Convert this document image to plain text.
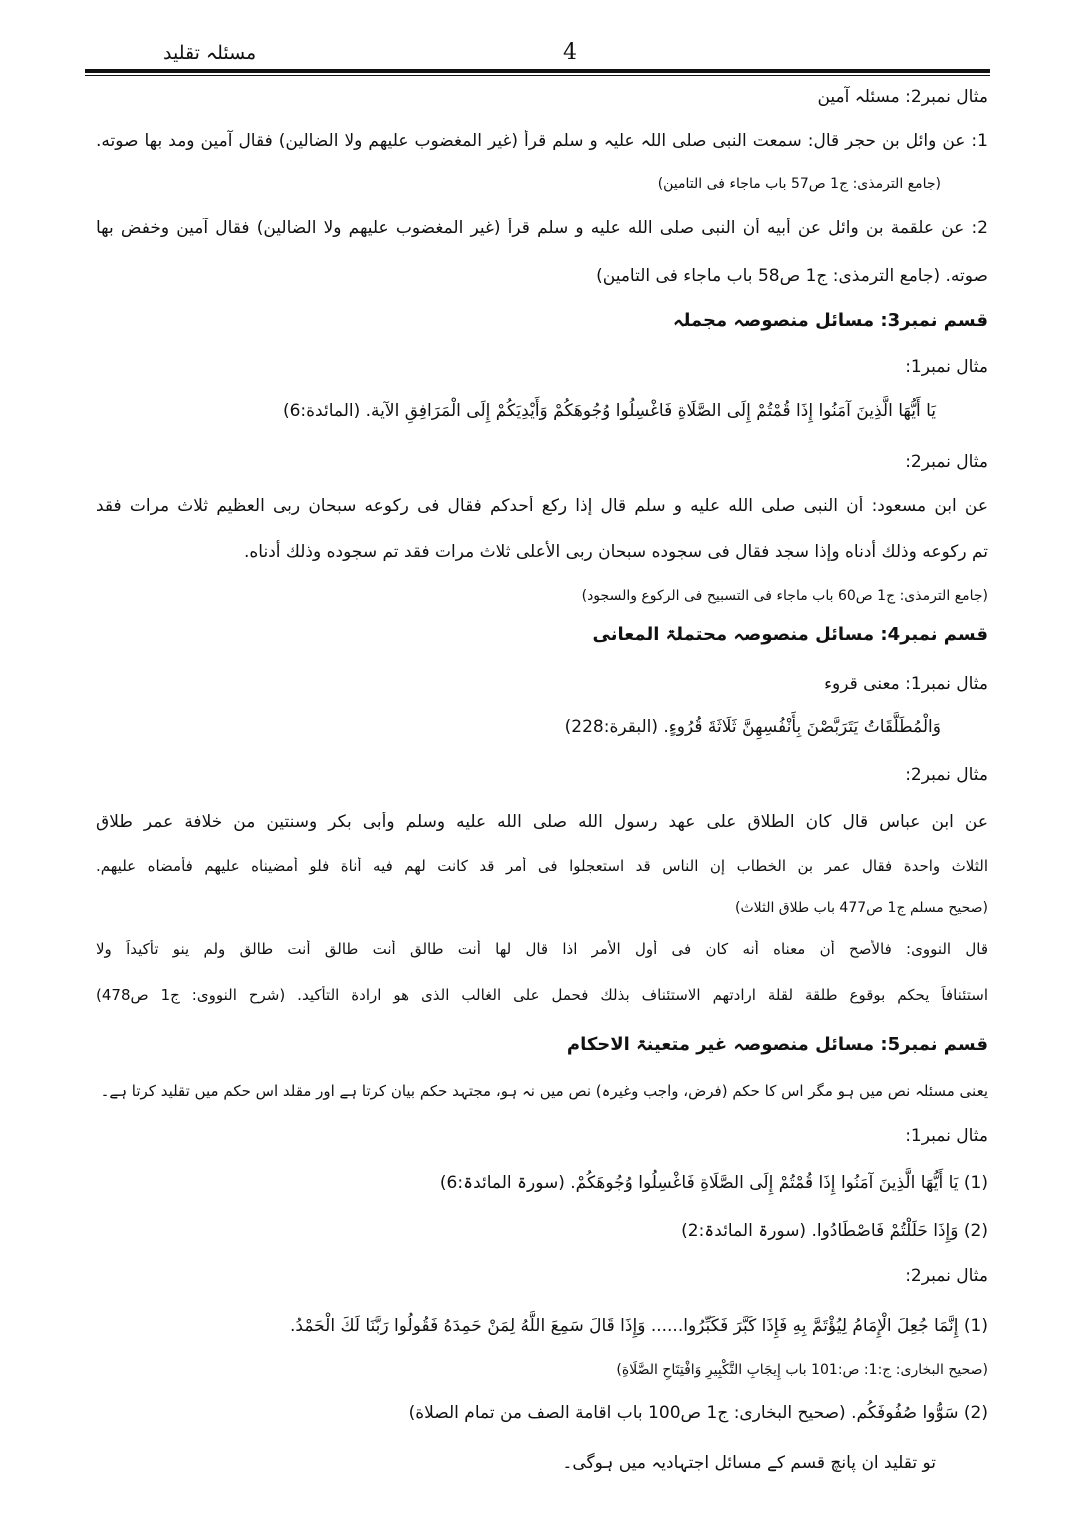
مسئلہ تقلید	4
مثال نمبر2: مسئلہ آمین
1: عن وائل بن حجر قال: سمعت النبی صلی اللہ علیہ و سلم قرأ (غیر المغضوب علیهم ولا الضالین) فقال آمین ومد بها صوته.
(جامع الترمذی: ج1 ص57 باب ماجاء فی التامین)
2: عن علقمة بن وائل عن أبیه أن النبی صلی الله علیه و سلم قرأ (غیر المغضوب علیهم ولا الضالین) فقال آمین وخفض بها
صوته. (جامع الترمذی: ج1 ص58 باب ماجاء فی التامین)
قسم نمبر3: مسائل منصوصہ مجملہ
مثال نمبر1:
يَا أَيُّهَا الَّذِينَ آمَنُوا إِذَا قُمْتُمْ إِلَى الصَّلَاةِ فَاغْسِلُوا وُجُوهَكُمْ وَأَيْدِيَكُمْ إِلَى الْمَرَافِقِ الآية. (المائدة:6)
مثال نمبر2:
عن ابن مسعود: أن النبی صلی الله علیه و سلم قال إذا رکع أحدکم فقال فی رکوعه سبحان ربی العظیم ثلاث مرات فقد
تم رکوعه وذلك أدناه وإذا سجد فقال فی سجوده سبحان ربی الأعلی ثلاث مرات فقد تم سجوده وذلك أدناه.
(جامع الترمذی: ج1 ص60 باب ماجاء فی التسبیح فی الرکوع والسجود)
قسم نمبر4: مسائل منصوصہ محتملۃ المعانی
مثال نمبر1: معنی قروء
وَالْمُطَلَّقَاتُ يَتَرَبَّصْنَ بِأَنْفُسِهِنَّ ثَلَاثَةَ قُرُوءٍ. (البقرة:228)
مثال نمبر2:
عن ابن عباس قال کان الطلاق علی عهد رسول الله صلی الله علیه وسلم وأبی بکر وسنتین من خلافة عمر طلاق
الثلاث واحدة فقال عمر بن الخطاب إن الناس قد استعجلوا فی أمر قد کانت لهم فیه أناة فلو أمضیناه علیهم فأمضاه علیهم.
(صحیح مسلم ج1 ص477 باب طلاق الثلاث)
قال النووی: فالأصح أن معناه أنه کان فی أول الأمر اذا قال لها أنت طالق أنت طالق أنت طالق ولم ینو تأکیداً ولا
استئنافاً یحکم بوقوع طلقة لقلة ارادتهم الاستئناف بذلك فحمل علی الغالب الذی هو ارادة التأکید. (شرح النووی: ج1 ص478)
قسم نمبر5: مسائل منصوصہ غیر متعینۃ الاحکام
یعنی مسئلہ نص میں ہو مگر اس کا حکم (فرض، واجب وغیرہ) نص میں نہ ہو، مجتہد حکم بیان کرتا ہے اور مقلد اس حکم میں تقلید کرتا ہے۔
مثال نمبر1:
(1) يَا أَيُّهَا الَّذِينَ آمَنُوا إِذَا قُمْتُمْ إِلَى الصَّلَاةِ فَاغْسِلُوا وُجُوهَكُمْ. (سورۃ المائدۃ:6)
(2) وَإِذَا حَلَلْتُمْ فَاصْطَادُوا. (سورۃ المائدۃ:2)
مثال نمبر2:
(1) إِنَّمَا جُعِلَ الْإِمَامُ لِيُؤْتَمَّ بِهِ فَإِذَا كَبَّرَ فَكَبِّرُوا...... وَإِذَا قَالَ سَمِعَ اللَّهُ لِمَنْ حَمِدَهُ فَقُولُوا رَبَّنَا لَكَ الْحَمْدُ.
(صحیح البخاری: ج:1: ص:101 باب إِيجَابِ التَّكْبِيرِ وَافْتِتَاحِ الصَّلَاةِ)
(2) سَوُّوا صُفُوفَكُم. (صحیح البخاری: ج1 ص100 باب اقامة الصف من تمام الصلاة)
تو تقلید ان پانچ قسم کے مسائل اجتہادیہ میں ہوگی۔
